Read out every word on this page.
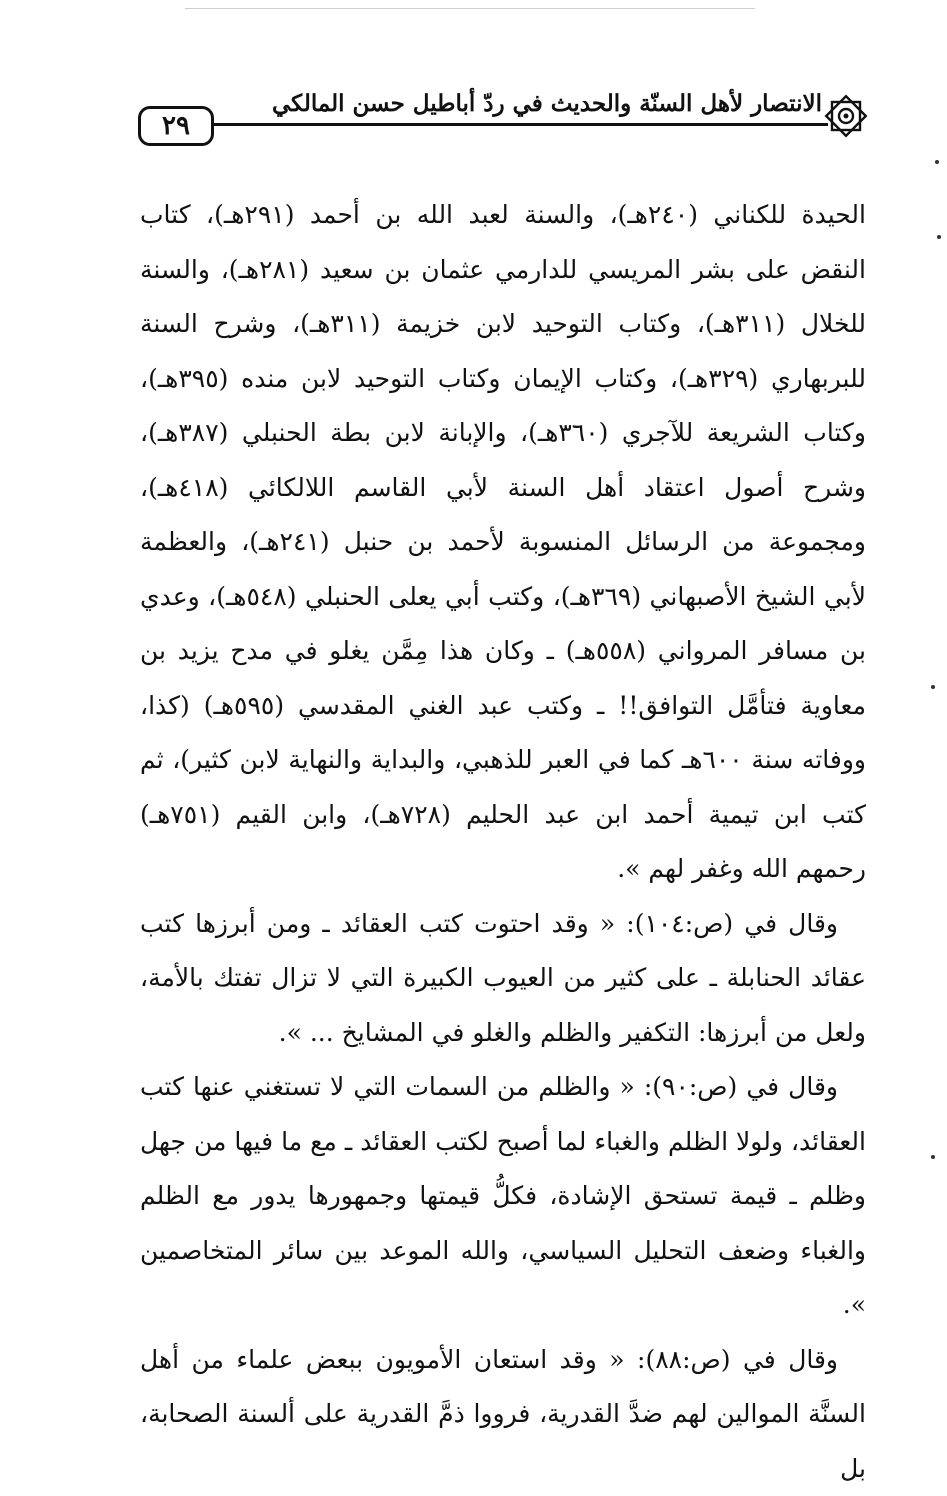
٢٩
الانتصار لأهل السنّة والحديث في ردّ أباطيل حسن المالكي

الحيدة للكناني (٢٤٠هـ)، والسنة لعبد الله بن أحمد (٢٩١هـ)، كتاب النقض على بشر المريسي للدارمي عثمان بن سعيد (٢٨١هـ)، والسنة للخلال (٣١١هـ)، وكتاب التوحيد لابن خزيمة (٣١١هـ)، وشرح السنة للبربهاري (٣٢٩هـ)، وكتاب الإيمان وكتاب التوحيد لابن منده (٣٩٥هـ)، وكتاب الشريعة للآجري (٣٦٠هـ)، والإبانة لابن بطة الحنبلي (٣٨٧هـ)، وشرح أصول اعتقاد أهل السنة لأبي القاسم اللالكائي (٤١٨هـ)، ومجموعة من الرسائل المنسوبة لأحمد بن حنبل (٢٤١هـ)، والعظمة لأبي الشيخ الأصبهاني (٣٦٩هـ)، وكتب أبي يعلى الحنبلي (٥٤٨هـ)، وعدي بن مسافر المرواني (٥٥٨هـ) ـ وكان هذا مِمَّن يغلو في مدح يزيد بن معاوية فتأمَّل التوافق!! ـ وكتب عبد الغني المقدسي (٥٩٥هـ) (كذا، ووفاته سنة ٦٠٠هـ كما في العبر للذهبي، والبداية والنهاية لابن كثير)، ثم كتب ابن تيمية أحمد ابن عبد الحليم (٧٢٨هـ)، وابن القيم (٧٥١هـ) رحمهم الله وغفر لهم ».

وقال في (ص:١٠٤): « وقد احتوت كتب العقائد ـ ومن أبرزها كتب عقائد الحنابلة ـ على كثير من العيوب الكبيرة التي لا تزال تفتك بالأمة، ولعل من أبرزها: التكفير والظلم والغلو في المشايخ ... ».

وقال في (ص:٩٠): « والظلم من السمات التي لا تستغني عنها كتب العقائد، ولولا الظلم والغباء لما أصبح لكتب العقائد ـ مع ما فيها من جهل وظلم ـ قيمة تستحق الإشادة، فكلُّ قيمتها وجمهورها يدور مع الظلم والغباء وضعف التحليل السياسي، والله الموعد بين سائر المتخاصمين ».

وقال في (ص:٨٨): « وقد استعان الأمويون ببعض علماء من أهل السنَّة الموالين لهم ضدَّ القدرية، فرووا ذمَّ القدرية على ألسنة الصحابة، بل
